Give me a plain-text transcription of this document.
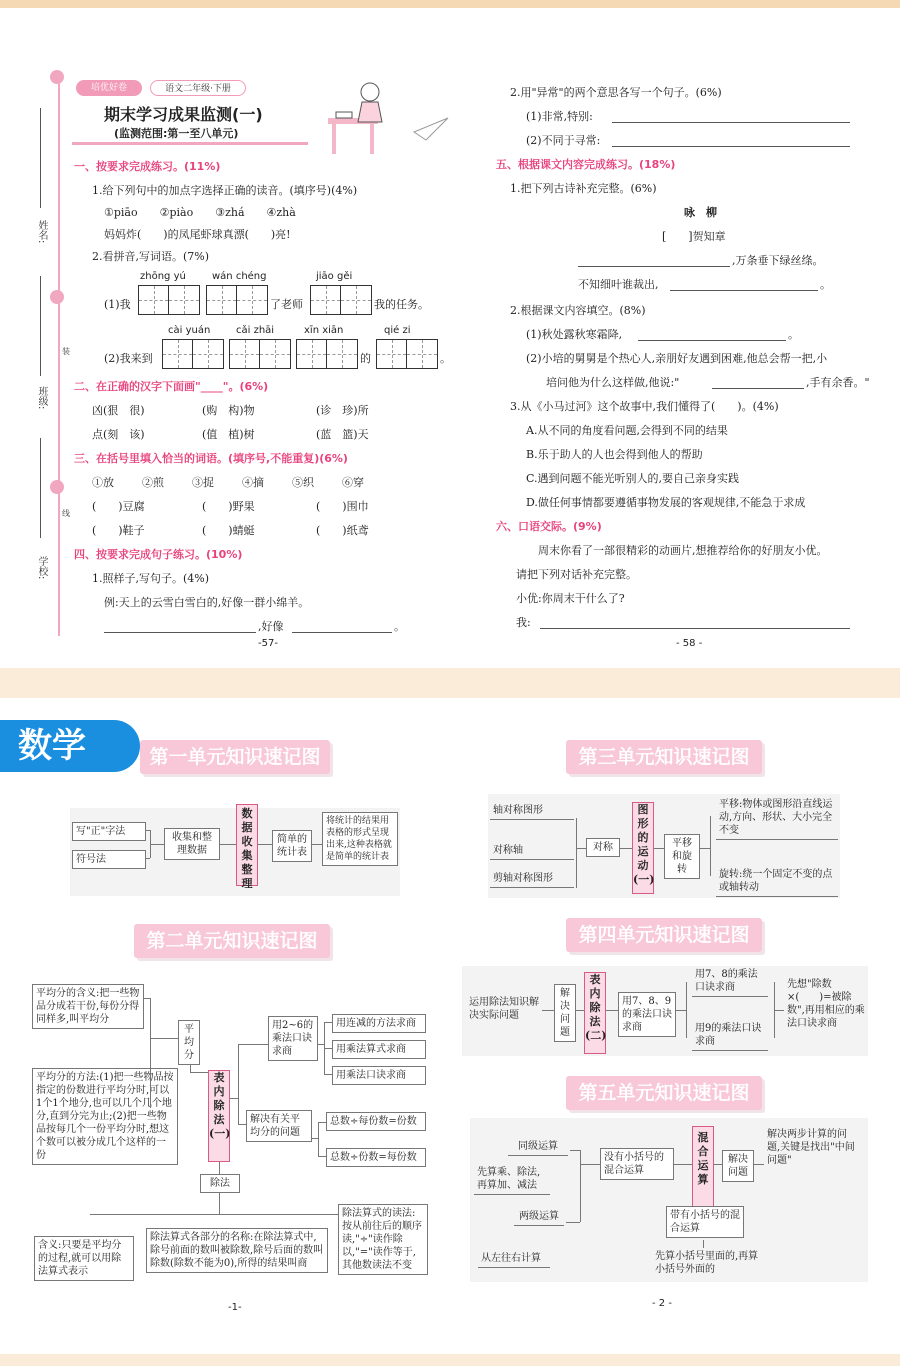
姓名:
班级:
学校:
装
线
培优好卷	语文二年级·下册
期末学习成果监测(一)
(监测范围:第一至八单元)
一、按要求完成练习。(11%)
1.给下列句中的加点字选择正确的读音。(填序号)(4%)
①piāo　　②piào　　③zhá　　④zhà
妈妈炸(　　)的凤尾虾球真漂(　　)亮!
2.看拼音,写词语。(7%)
zhōng yú	wán chéng	jiāo gěi
(1)我	了老师	我的任务。
cài yuán	cǎi zhāi	xīn xiān	qié zi
(2)我来到	的	。
二、在正确的汉字下面画"____"。(6%)
凶(狠　很)	(购　构)物	(诊　珍)所
点(刻　该)	(值　植)树	(蓝　篮)天
三、在括号里填入恰当的词语。(填序号,不能重复)(6%)
①放	②煎	③捉	④摘	⑤织	⑥穿
(　　)豆腐	(　　)野果	(　　)围巾
(　　)鞋子	(　　)蜻蜓	(　　)纸鸢
四、按要求完成句子练习。(10%)
1.照样子,写句子。(4%)
例:天上的云雪白雪白的,好像一群小绵羊。
,好像	。
-57-
2.用"异常"的两个意思各写一个句子。(6%)
(1)非常,特别:
(2)不同于寻常:
五、根据课文内容完成练习。(18%)
1.把下列古诗补充完整。(6%)
咏　柳
[　　]贺知章
,万条垂下绿丝绦。
不知细叶谁裁出,	。
2.根据课文内容填空。(8%)
(1)秋处露秋寒霜降,	。
(2)小培的舅舅是个热心人,亲朋好友遇到困难,他总会帮一把,小
培问他为什么这样做,他说:"	,手有余香。"
3.从《小马过河》这个故事中,我们懂得了(　　)。(4%)
A.从不同的角度看问题,会得到不同的结果
B.乐于助人的人也会得到他人的帮助
C.遇到问题不能光听别人的,要自己亲身实践
D.做任何事情都要遵循事物发展的客观规律,不能急于求成
六、口语交际。(9%)
周末你看了一部很精彩的动画片,想推荐给你的好朋友小优。
请把下列对话补充完整。
小优:你周末干什么了?
我:
- 58 -
数学	第一单元知识速记图
写"正"字法
符号法
收集和整理数据
数据收集整理
简单的统计表
将统计的结果用表格的形式呈现出来,这种表格就是简单的统计表
第二单元知识速记图
平均分的含义:把一些物品分成若干份,每份分得同样多,叫平均分
平均分的方法:(1)把一些物品按指定的份数进行平均分时,可以1个1个地分,也可以几个几个地分,直到分完为止;(2)把一些物品按每几个一份平均分时,想这个数可以被分成几个这样的一份
平均分
表内除法(一)
用2~6的乘法口诀求商
用连减的方法求商
用乘法算式求商
用乘法口诀求商
解决有关平均分的问题
总数÷每份数=份数
总数÷份数=每份数
除法
含义:只要是平均分的过程,就可以用除法算式表示
除法算式各部分的名称:在除法算式中,除号前面的数叫被除数,除号后面的数叫除数(除数不能为0),所得的结果叫商
除法算式的读法:按从前往后的顺序读,"÷"读作除以,"="读作等于,其他数读法不变
-1-
第三单元知识速记图
轴对称图形
对称轴
剪轴对称图形
对称
图形的运动(一)
平移和旋转
平移:物体或图形沿直线运动,方向、形状、大小完全不变
旋转:绕一个固定不变的点或轴转动
第四单元知识速记图
运用除法知识解决实际问题
解决问题
表内除法(二)
用7、8、9的乘法口诀求商
用7、8的乘法口诀求商
用9的乘法口诀求商
先想"除数×(　　)=被除数",再用相应的乘法口诀求商
第五单元知识速记图
同级运算
先算乘、除法,再算加、减法
两级运算
从左往右计算
没有小括号的混合运算
混合运算
解决问题
解决两步计算的问题,关键是找出"中间问题"
带有小括号的混合运算
先算小括号里面的,再算小括号外面的
- 2 -
